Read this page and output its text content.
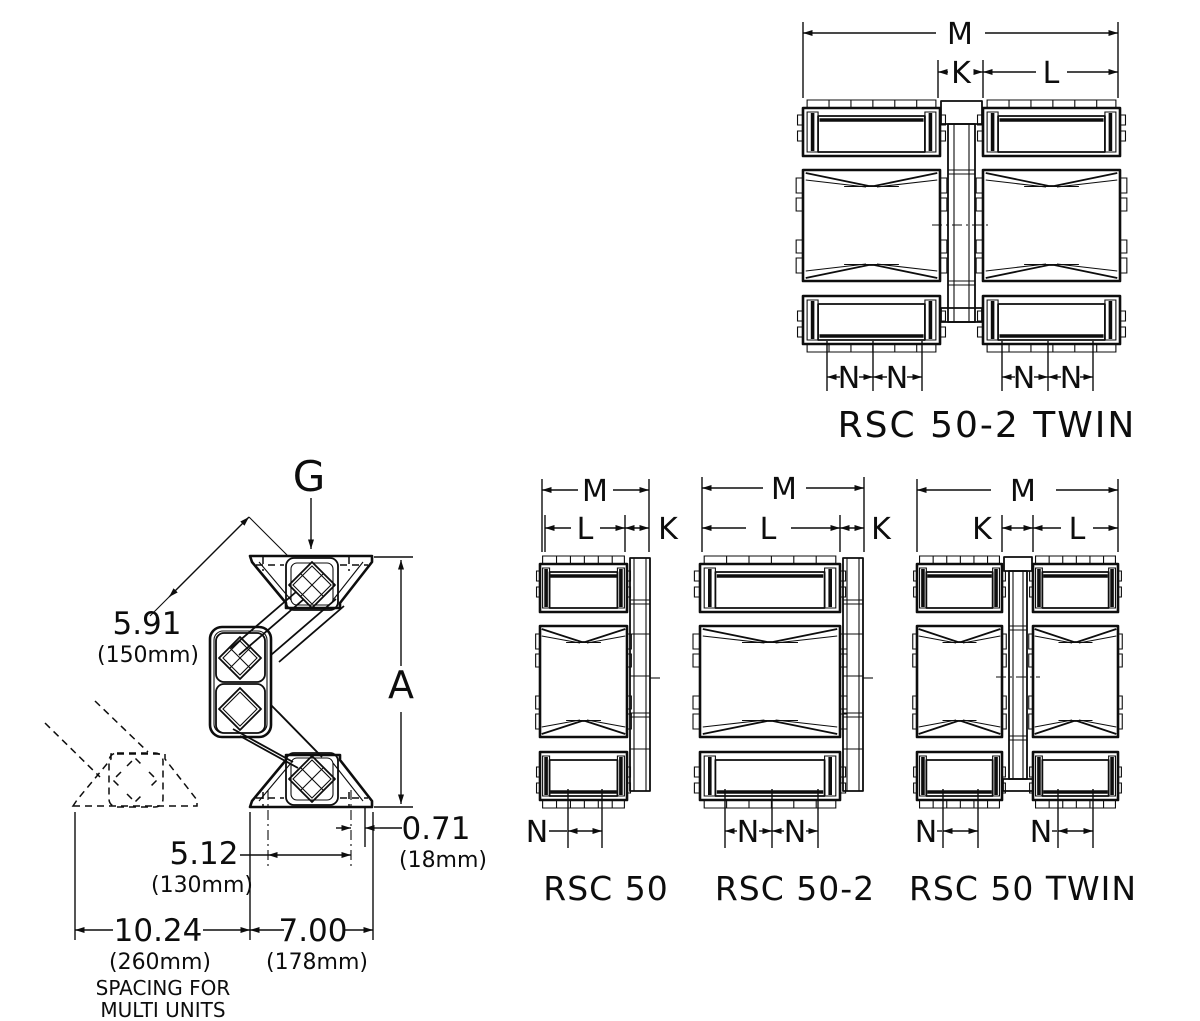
M
K L
N N	N N
RSC 50-2 TWIN
G
A
5.91
(150mm)
0.71
(18mm)
5.12
(130mm)
10.24
(260mm)
SPACING FOR
MULTI UNITS
7.00
(178mm)
M
L K
N
RSC 50
M
L	K
N N
RSC 50-2
M
K	L
N	N
RSC 50 TWIN
